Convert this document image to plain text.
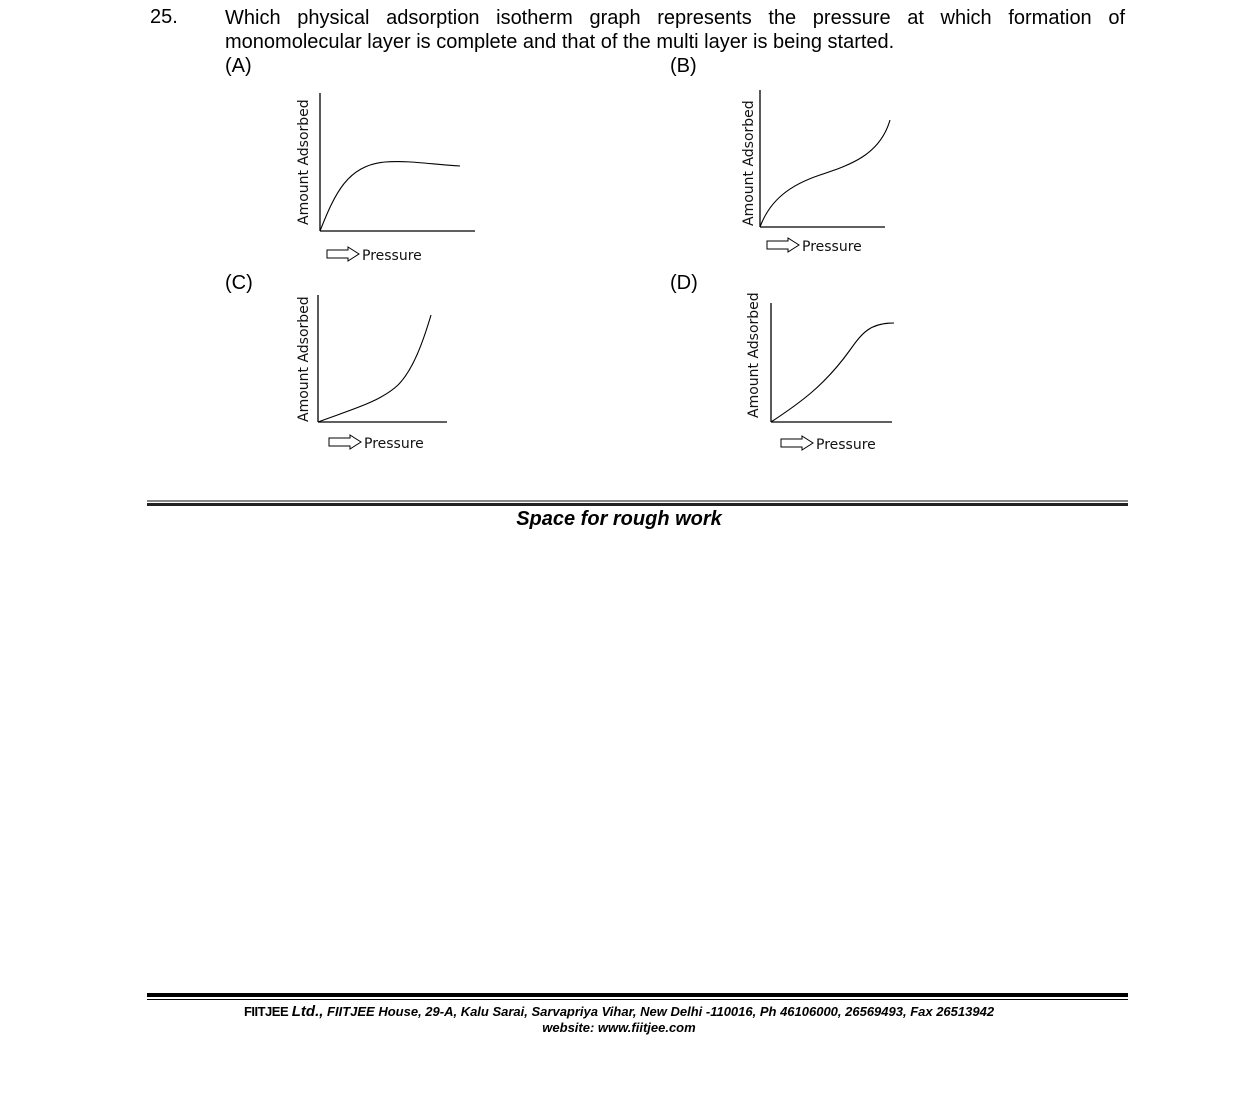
25. Which physical adsorption isotherm graph represents the pressure at which formation of monomolecular layer is complete and that of the multi layer is being started.
(A)
Amount Adsorbed
Pressure
(B)
Amount Adsorbed
Pressure
(C)
Amount Adsorbed
Pressure
(D)
Amount Adsorbed
Pressure
Space for rough work
FIITJEE Ltd., FIITJEE House, 29-A, Kalu Sarai, Sarvapriya Vihar, New Delhi -110016, Ph 46106000, 26569493, Fax 26513942
website: www.fiitjee.com
